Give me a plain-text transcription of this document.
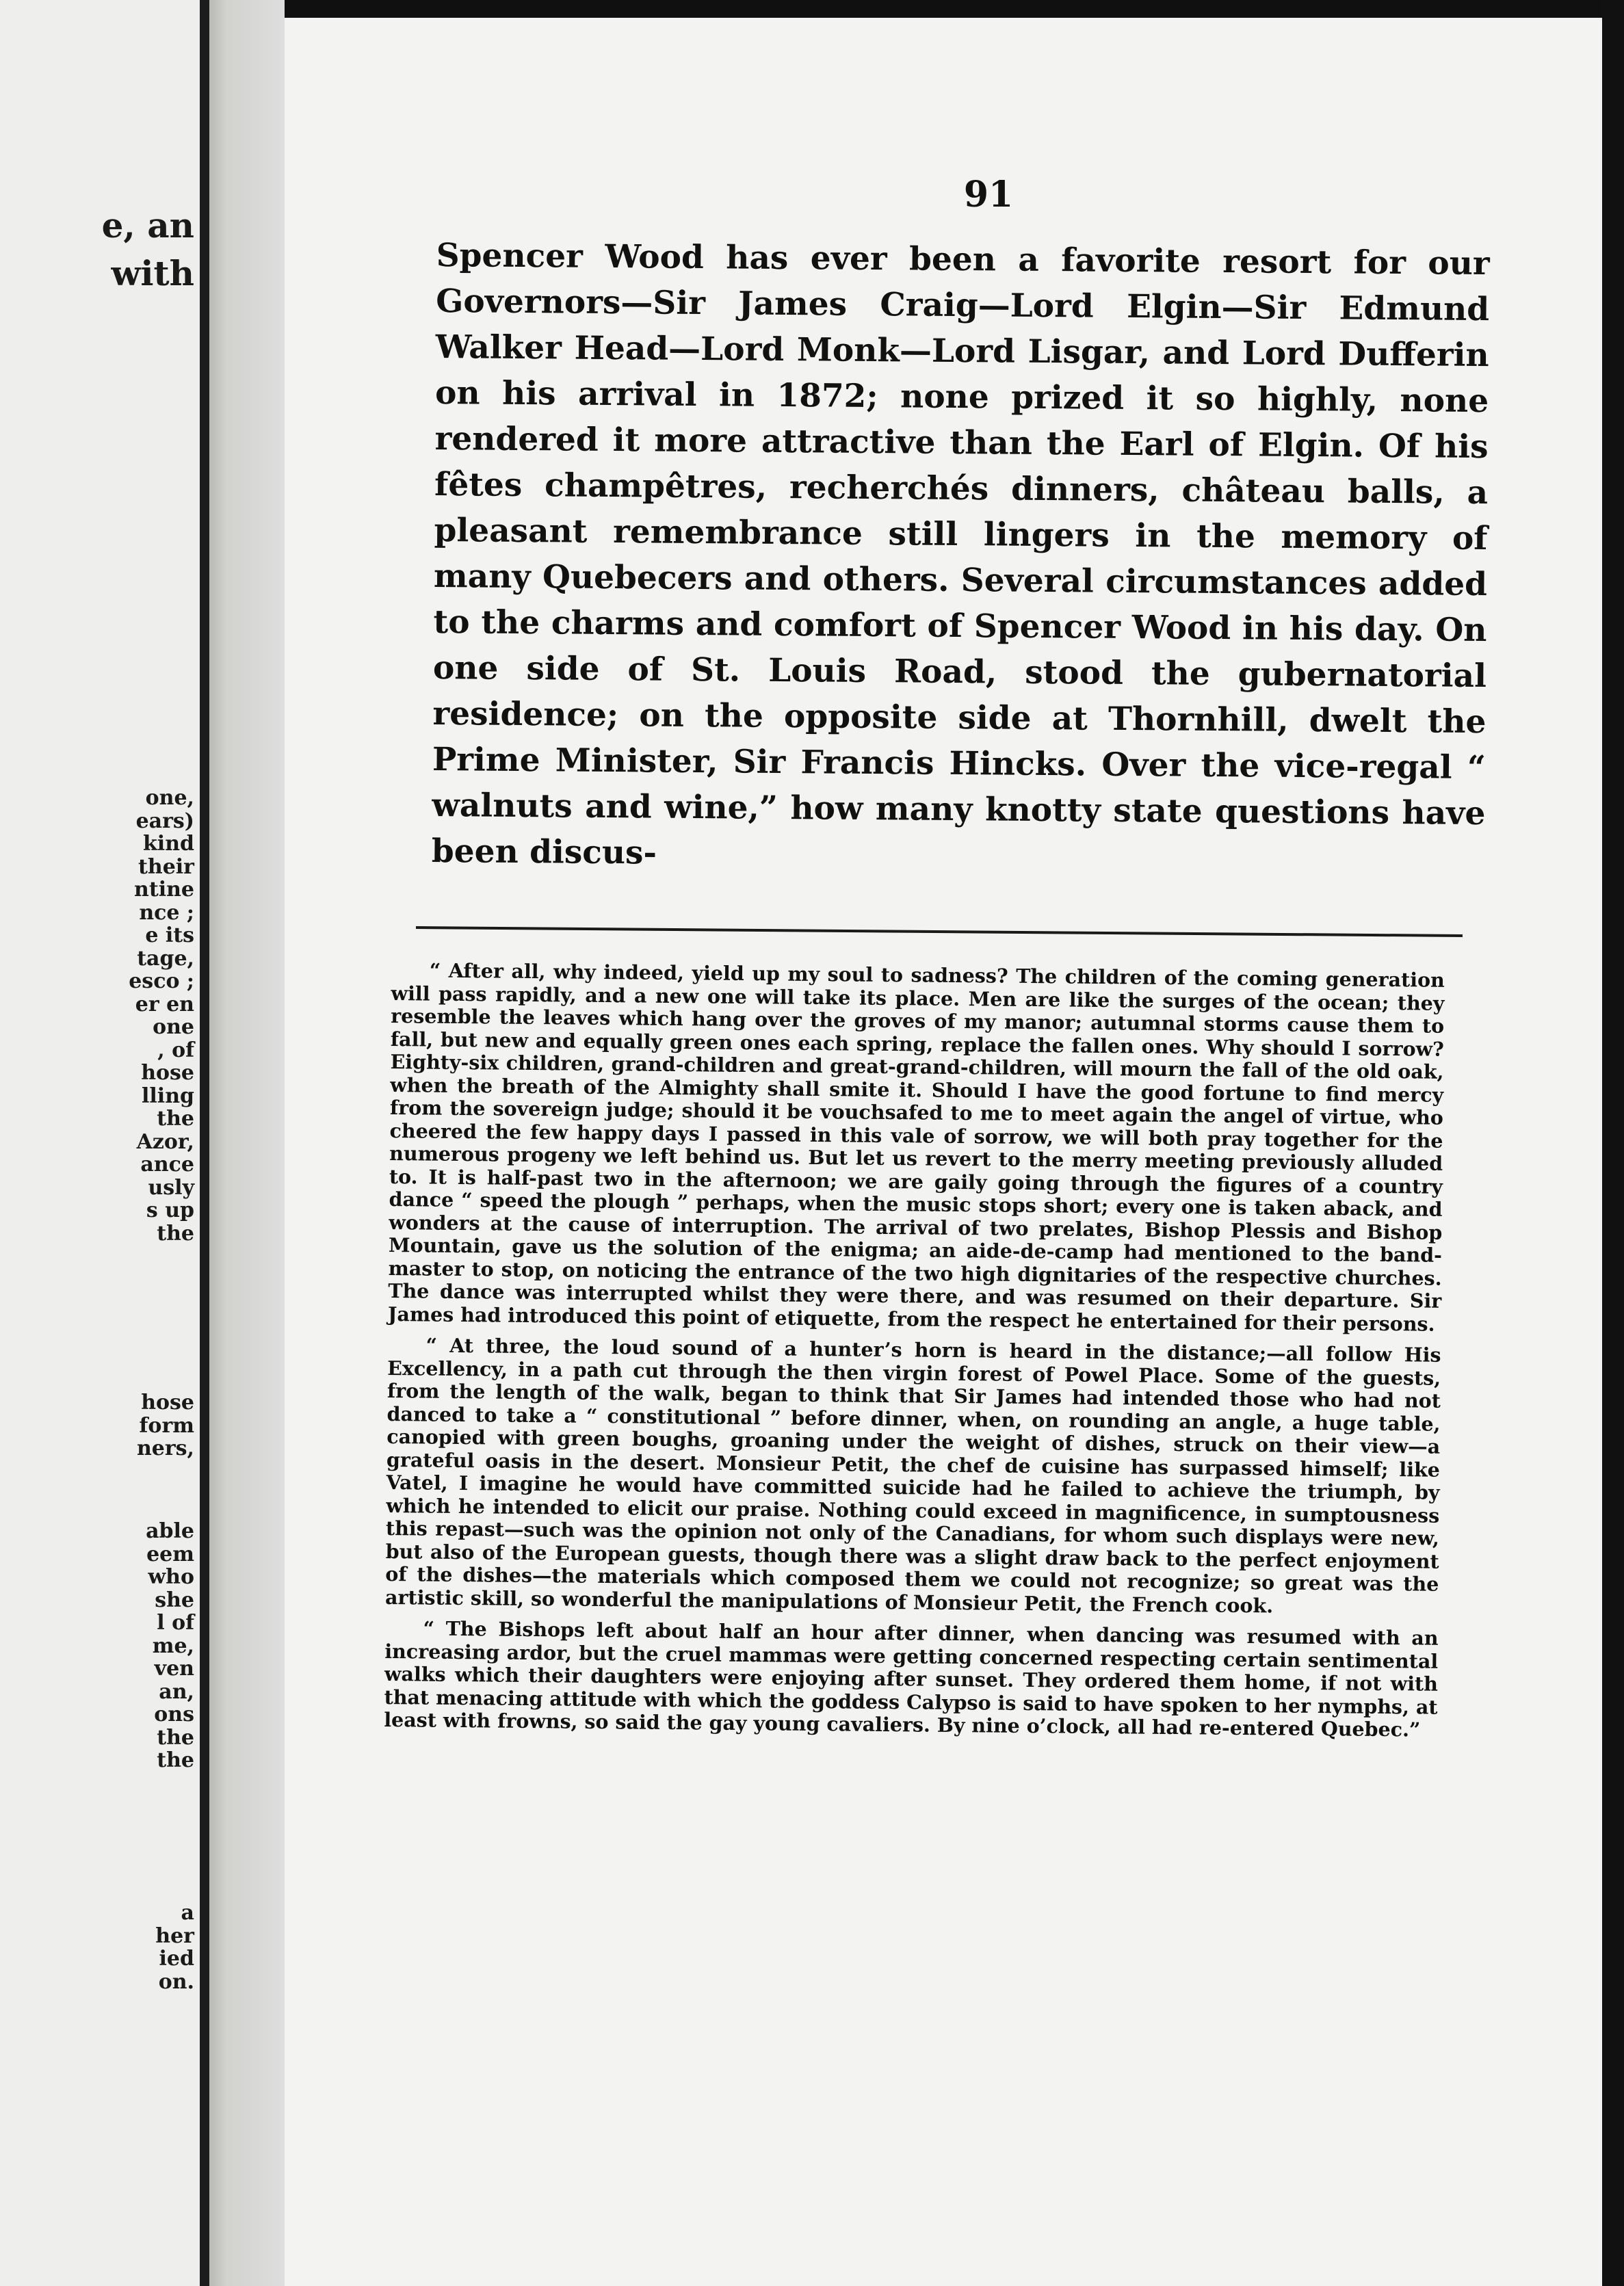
e, an
with
one,
ears)
kind
their
ntine
nce ;
e its
tage,
esco ;
er en
one
, of
hose
lling
the
Azor,
ance
usly
s up
the
hose
form
ners,
able
eem
who
she
l of
me,
ven
an,
ons
the
the
a
her
ied
on.
91

Spencer Wood has ever been a favorite resort for our Governors—Sir James Craig—Lord Elgin—Sir Edmund Walker Head—Lord Monk—Lord Lisgar, and Lord Dufferin on his arrival in 1872; none prized it so highly, none rendered it more attractive than the Earl of Elgin. Of his fêtes champêtres, recherchés dinners, château balls, a pleasant remembrance still lingers in the memory of many Quebecers and others. Several circumstances added to the charms and comfort of Spencer Wood in his day. On one side of St. Louis Road, stood the gubernatorial residence; on the opposite side at Thornhill, dwelt the Prime Minister, Sir Francis Hincks. Over the vice-regal “ walnuts and wine,” how many knotty state questions have been discus-

“ After all, why indeed, yield up my soul to sadness? The children of the coming generation will pass rapidly, and a new one will take its place. Men are like the surges of the ocean; they resemble the leaves which hang over the groves of my manor; autumnal storms cause them to fall, but new and equally green ones each spring, replace the fallen ones. Why should I sorrow? Eighty-six children, grand-children and great-grand-children, will mourn the fall of the old oak, when the breath of the Almighty shall smite it. Should I have the good fortune to find mercy from the sovereign judge; should it be vouchsafed to me to meet again the angel of virtue, who cheered the few happy days I passed in this vale of sorrow, we will both pray together for the numerous progeny we left behind us. But let us revert to the merry meeting previously alluded to. It is half-past two in the afternoon; we are gaily going through the figures of a country dance “ speed the plough ” perhaps, when the music stops short; every one is taken aback, and wonders at the cause of interruption. The arrival of two prelates, Bishop Plessis and Bishop Mountain, gave us the solution of the enigma; an aide-de-camp had mentioned to the band-master to stop, on noticing the entrance of the two high dignitaries of the respective churches. The dance was interrupted whilst they were there, and was resumed on their departure. Sir James had introduced this point of etiquette, from the respect he entertained for their persons.

“ At three, the loud sound of a hunter’s horn is heard in the distance;—all follow His Excellency, in a path cut through the then virgin forest of Powel Place. Some of the guests, from the length of the walk, began to think that Sir James had intended those who had not danced to take a “ constitutional ” before dinner, when, on rounding an angle, a huge table, canopied with green boughs, groaning under the weight of dishes, struck on their view—a grateful oasis in the desert. Monsieur Petit, the chef de cuisine has surpassed himself; like Vatel, I imagine he would have committed suicide had he failed to achieve the triumph, by which he intended to elicit our praise. Nothing could exceed in magnificence, in sumptousness this repast—such was the opinion not only of the Canadians, for whom such displays were new, but also of the European guests, though there was a slight draw back to the perfect enjoyment of the dishes—the materials which composed them we could not recognize; so great was the artistic skill, so wonderful the manipulations of Monsieur Petit, the French cook.

“ The Bishops left about half an hour after dinner, when dancing was resumed with an increasing ardor, but the cruel mammas were getting concerned respecting certain sentimental walks which their daughters were enjoying after sunset. They ordered them home, if not with that menacing attitude with which the goddess Calypso is said to have spoken to her nymphs, at least with frowns, so said the gay young cavaliers. By nine o’clock, all had re-entered Quebec.”
